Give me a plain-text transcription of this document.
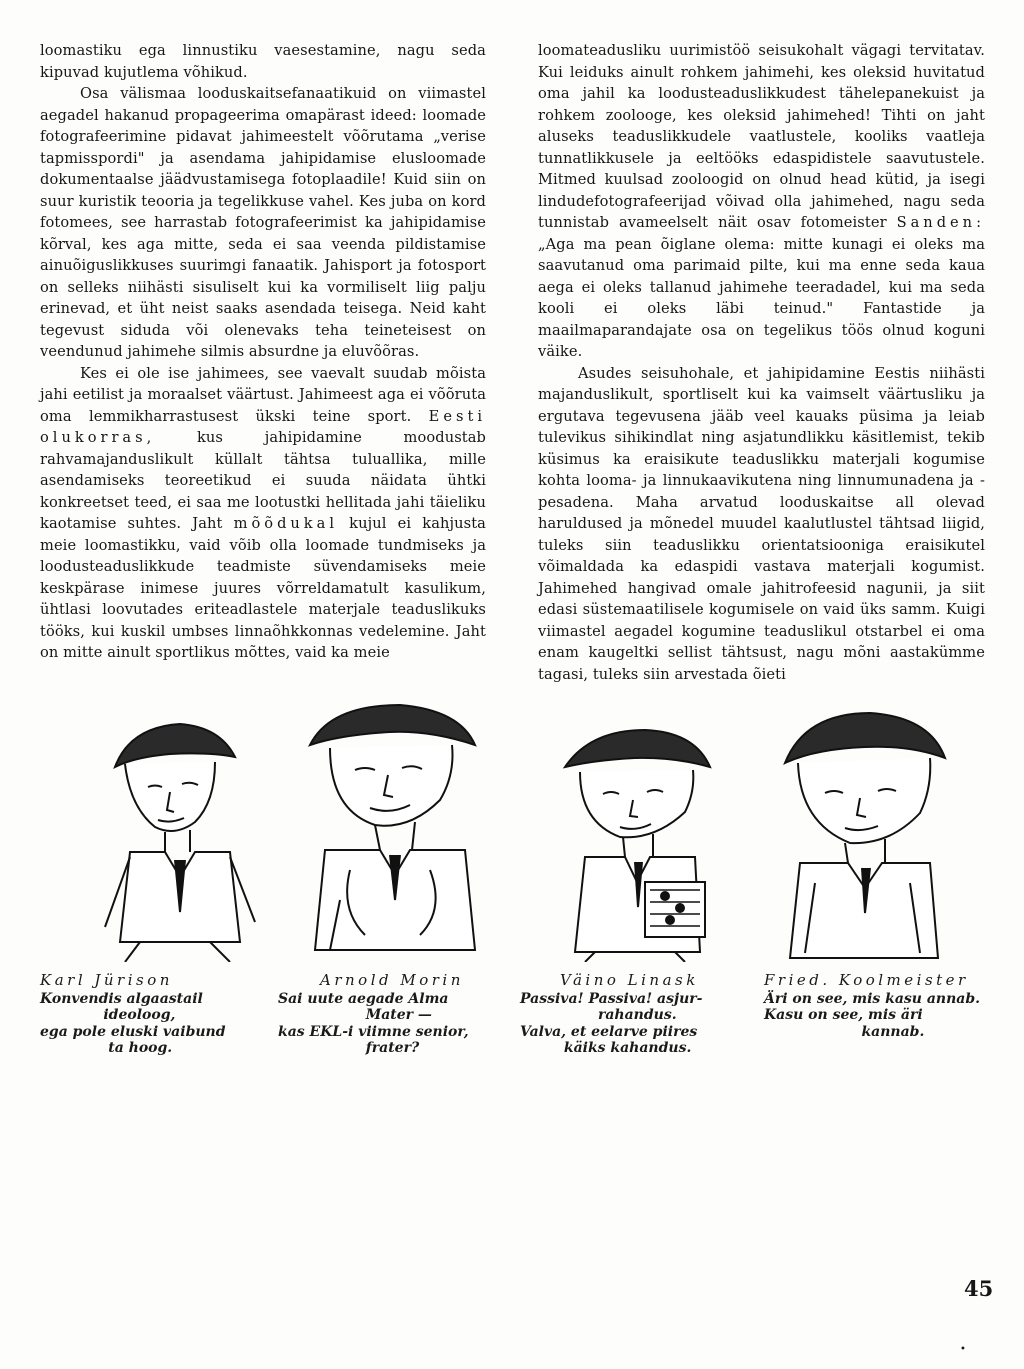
loomastiku ega linnustiku vaesestamine, nagu seda kipuvad kujutlema võhikud.

Osa välismaa looduskaitsefanaatikuid on viimastel aegadel hakanud propageerima omapärast ideed: loomade fotografeerimine pidavat jahimeestelt võõrutama „verise tapmisspordi" ja asendama jahipidamise elusloomade dokumentaalse jäädvustamisega fotoplaadile! Kuid siin on suur kuristik teooria ja tegelikkuse vahel. Kes juba on kord fotomees, see harrastab fotografeerimist ka jahipidamise kõrval, kes aga mitte, seda ei saa veenda pildistamise ainuõiguslikkuses suurimgi fanaatik. Jahisport ja fotosport on selleks niihästi sisuliselt kui ka vormiliselt liig palju erinevad, et üht neist saaks asendada teisega. Neid kaht tegevust siduda või olenevaks teha teineteisest on veendunud jahimehe silmis absurdne ja eluvõõras.

Kes ei ole ise jahimees, see vaevalt suudab mõista jahi eetilist ja moraalset väärtust. Jahimeest aga ei võõruta oma lemmikharrastusest ükski teine sport. Eesti olukorras, kus jahipidamine moodustab rahvamajanduslikult küllalt tähtsa tuluallika, mille asendamiseks teoreetikud ei suuda näidata ühtki konkreetset teed, ei saa me lootustki hellitada jahi täieliku kaotamise suhtes. Jaht mõõdukal kujul ei kahjusta meie loomastikku, vaid võib olla loomade tundmiseks ja loodusteaduslikkude teadmiste süvendamiseks meie keskpärase inimese juures võrreldamatult kasulikum, ühtlasi loovutades eriteadlastele materjale teaduslikuks tööks, kui kuskil umbses linnaõhkkonnas vedelemine. Jaht on mitte ainult sportlikus mõttes, vaid ka meie

loomateadusliku uurimistöö seisukohalt vägagi tervitatav. Kui leiduks ainult rohkem jahimehi, kes oleksid huvitatud oma jahil ka loodusteaduslikkudest tähelepanekuist ja rohkem zoolooge, kes oleksid jahimehed! Tihti on jaht aluseks teaduslikkudele vaatlustele, kooliks vaatleja tunnatlikkusele ja eeltööks edaspidistele saavutustele. Mitmed kuulsad zooloogid on olnud head kütid, ja isegi lindudefotografeerijad võivad olla jahimehed, nagu seda tunnistab avameelselt näit osav fotomeister Sanden: „Aga ma pean õiglane olema: mitte kunagi ei oleks ma saavutanud oma parimaid pilte, kui ma enne seda kaua aega ei oleks tallanud jahimehe teeradadel, kui ma seda kooli ei oleks läbi teinud." Fantastide ja maailmaparandajate osa on tegelikus töös olnud koguni väike.

Asudes seisuhohale, et jahipidamine Eestis niihästi majanduslikult, sportliselt kui ka vaimselt väärtusliku ja ergutava tegevusena jääb veel kauaks püsima ja leiab tulevikus sihikindlat ning asjatundlikku käsitlemist, tekib küsimus ka eraisikute teaduslikku materjali kogumise kohta looma- ja linnukaavikutena ning linnumunadena ja -pesadena. Maha arvatud looduskaitse all olevad haruldused ja mõnedel muudel kaalutlustel tähtsad liigid, tuleks siin teaduslikku orientatsiooniga eraisikutel võimaldada ka edaspidi vastava materjali kogumist. Jahimehed hangivad omale jahitrofeesid nagunii, ja siit edasi süstemaatilisele kogumisele on vaid üks samm. Kuigi viimastel aegadel kogumine teaduslikul otstarbel ei oma enam kaugeltki sellist tähtsust, nagu mõni aastakümme tagasi, tuleks siin arvestada õieti

Karl Jürison
Konvendis algaastail
ideoloog,
ega pole eluski vaibund
ta hoog.
Arnold Morin
Sai uute aegade Alma
Mater —
kas EKL-i viimne senior,
frater?
Väino Linask
Passiva! Passiva! asjur-
rahandus.
Valva, et eelarve piires
käiks kahandus.
Fried. Koolmeister
Äri on see, mis kasu annab.
Kasu on see, mis äri
kannab.
45
•
